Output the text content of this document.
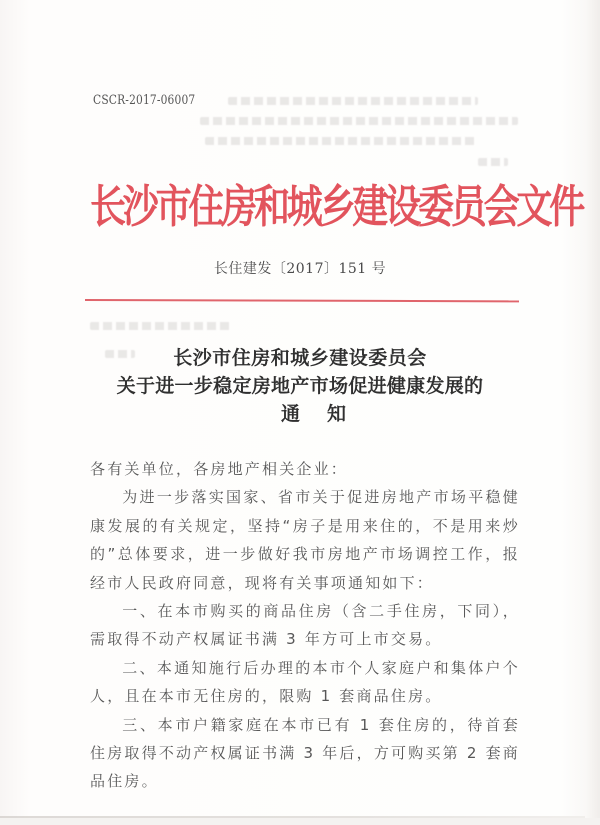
CSCR-2017-06007
长沙市住房和城乡建设委员会文件
长住建发〔2017〕151 号
长沙市住房和城乡建设委员会
关于进一步稳定房地产市场促进健康发展的
通知

各有关单位，各房地产相关企业：

为进一步落实国家、省市关于促进房地产市场平稳健康发展的有关规定，坚持“房子是用来住的，不是用来炒的”总体要求，进一步做好我市房地产市场调控工作，报经市人民政府同意，现将有关事项通知如下：

一、在本市购买的商品住房（含二手住房，下同），需取得不动产权属证书满 3 年方可上市交易。

二、本通知施行后办理的本市个人家庭户和集体户个人，且在本市无住房的，限购 1 套商品住房。

三、本市户籍家庭在本市已有 1 套住房的，待首套住房取得不动产权属证书满 3 年后，方可购买第 2 套商品住房。
